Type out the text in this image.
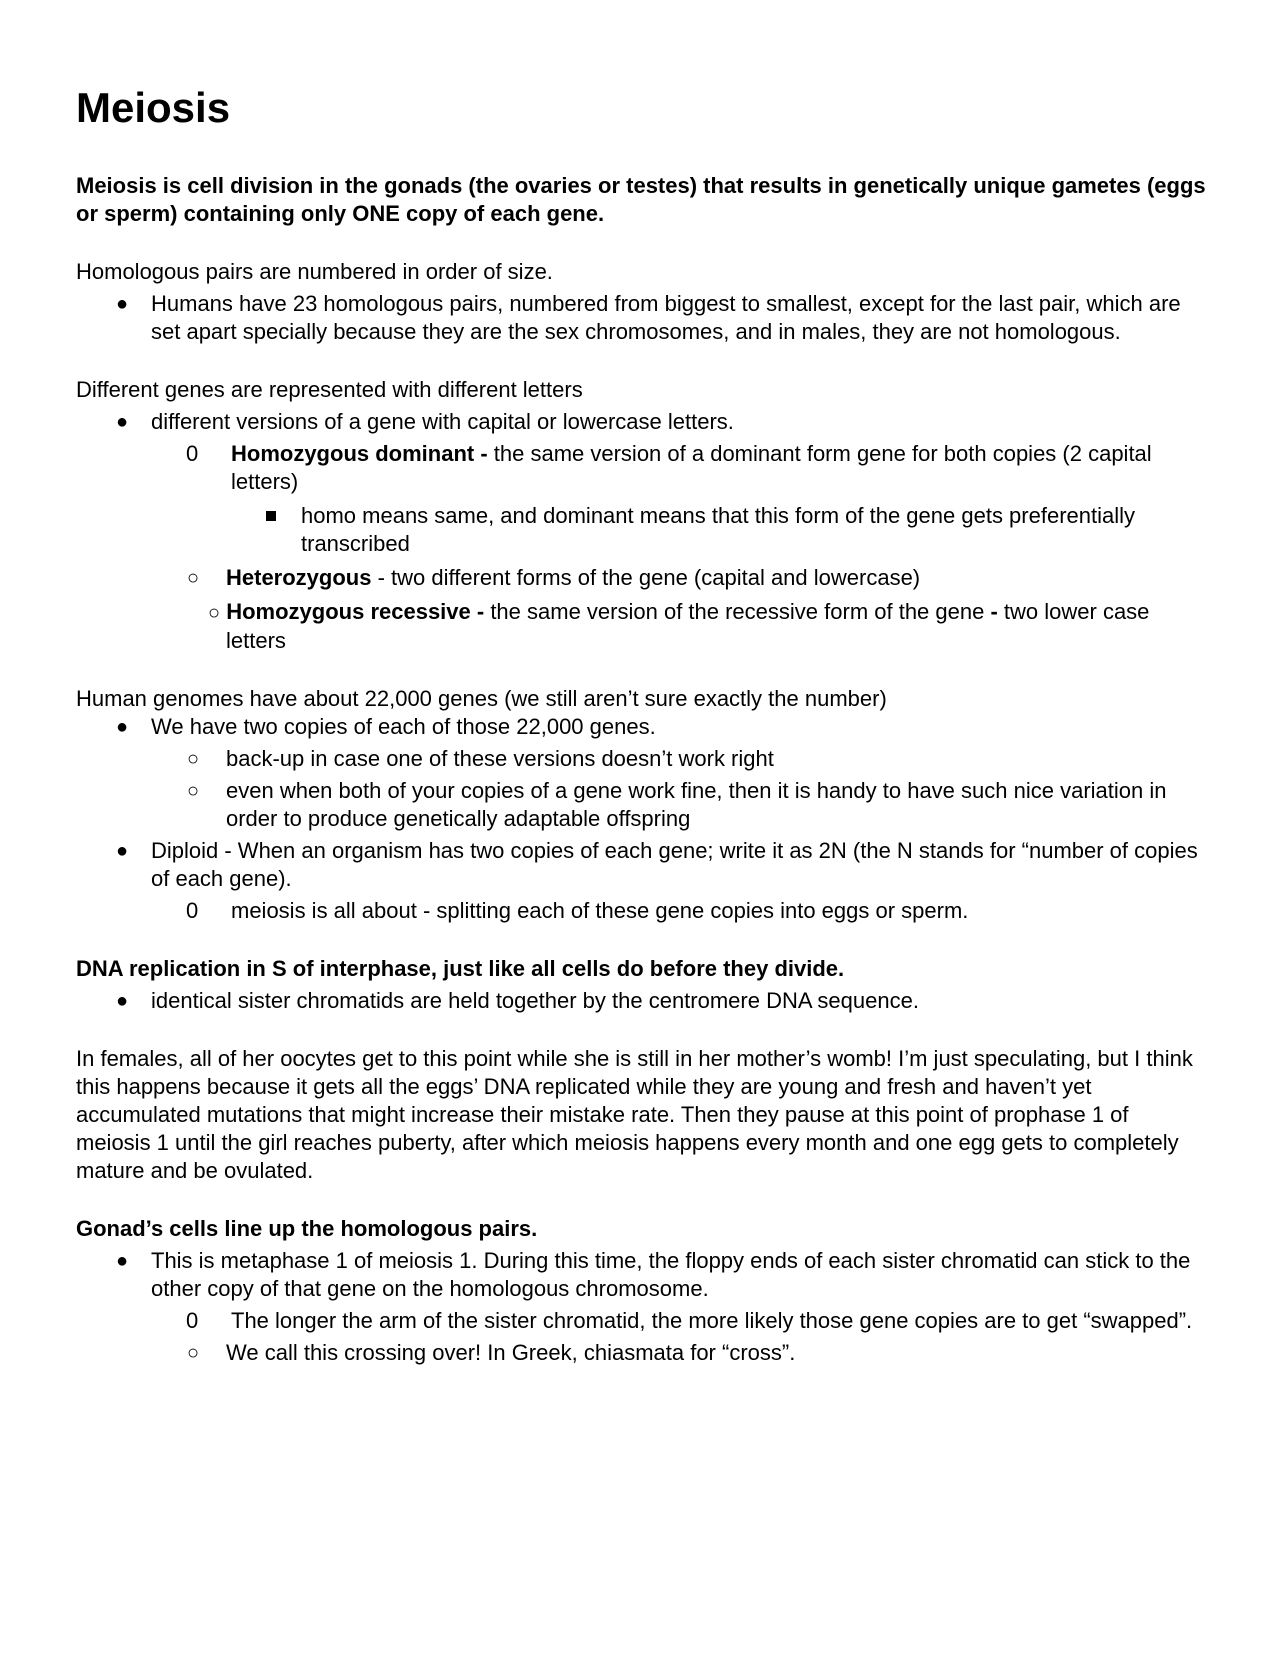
Meiosis

Meiosis is cell division in the gonads (the ovaries or testes) that results in genetically unique gametes (eggs or sperm) containing only ONE copy of each gene.

Homologous pairs are numbered in order of size.

● Humans have 23 homologous pairs, numbered from biggest to smallest, except for the last pair, which are set apart specially because they are the sex chromosomes, and in males, they are not homologous.

Different genes are represented with different letters

● different versions of a gene with capital or lowercase letters.
0 Homozygous dominant - the same version of a dominant form gene for both copies (2 capital letters)
homo means same, and dominant means that this form of the gene gets preferentially transcribed
○ Heterozygous - two different forms of the gene (capital and lowercase)
○ Homozygous recessive - the same version of the recessive form of the gene - two lower case letters

Human genomes have about 22,000 genes (we still aren’t sure exactly the number)

● We have two copies of each of those 22,000 genes.
○ back-up in case one of these versions doesn’t work right
○ even when both of your copies of a gene work fine, then it is handy to have such nice variation in order to produce genetically adaptable offspring
● Diploid - When an organism has two copies of each gene; write it as 2N (the N stands for “number of copies of each gene).
0 meiosis is all about - splitting each of these gene copies into eggs or sperm.

DNA replication in S of interphase, just like all cells do before they divide.

● identical sister chromatids are held together by the centromere DNA sequence.

In females, all of her oocytes get to this point while she is still in her mother’s womb! I’m just speculating, but I think this happens because it gets all the eggs’ DNA replicated while they are young and fresh and haven’t yet accumulated mutations that might increase their mistake rate. Then they pause at this point of prophase 1 of meiosis 1 until the girl reaches puberty, after which meiosis happens every month and one egg gets to completely mature and be ovulated.

Gonad’s cells line up the homologous pairs.

● This is metaphase 1 of meiosis 1. During this time, the floppy ends of each sister chromatid can stick to the other copy of that gene on the homologous chromosome.
0 The longer the arm of the sister chromatid, the more likely those gene copies are to get “swapped”.
○ We call this crossing over! In Greek, chiasmata for “cross”.
